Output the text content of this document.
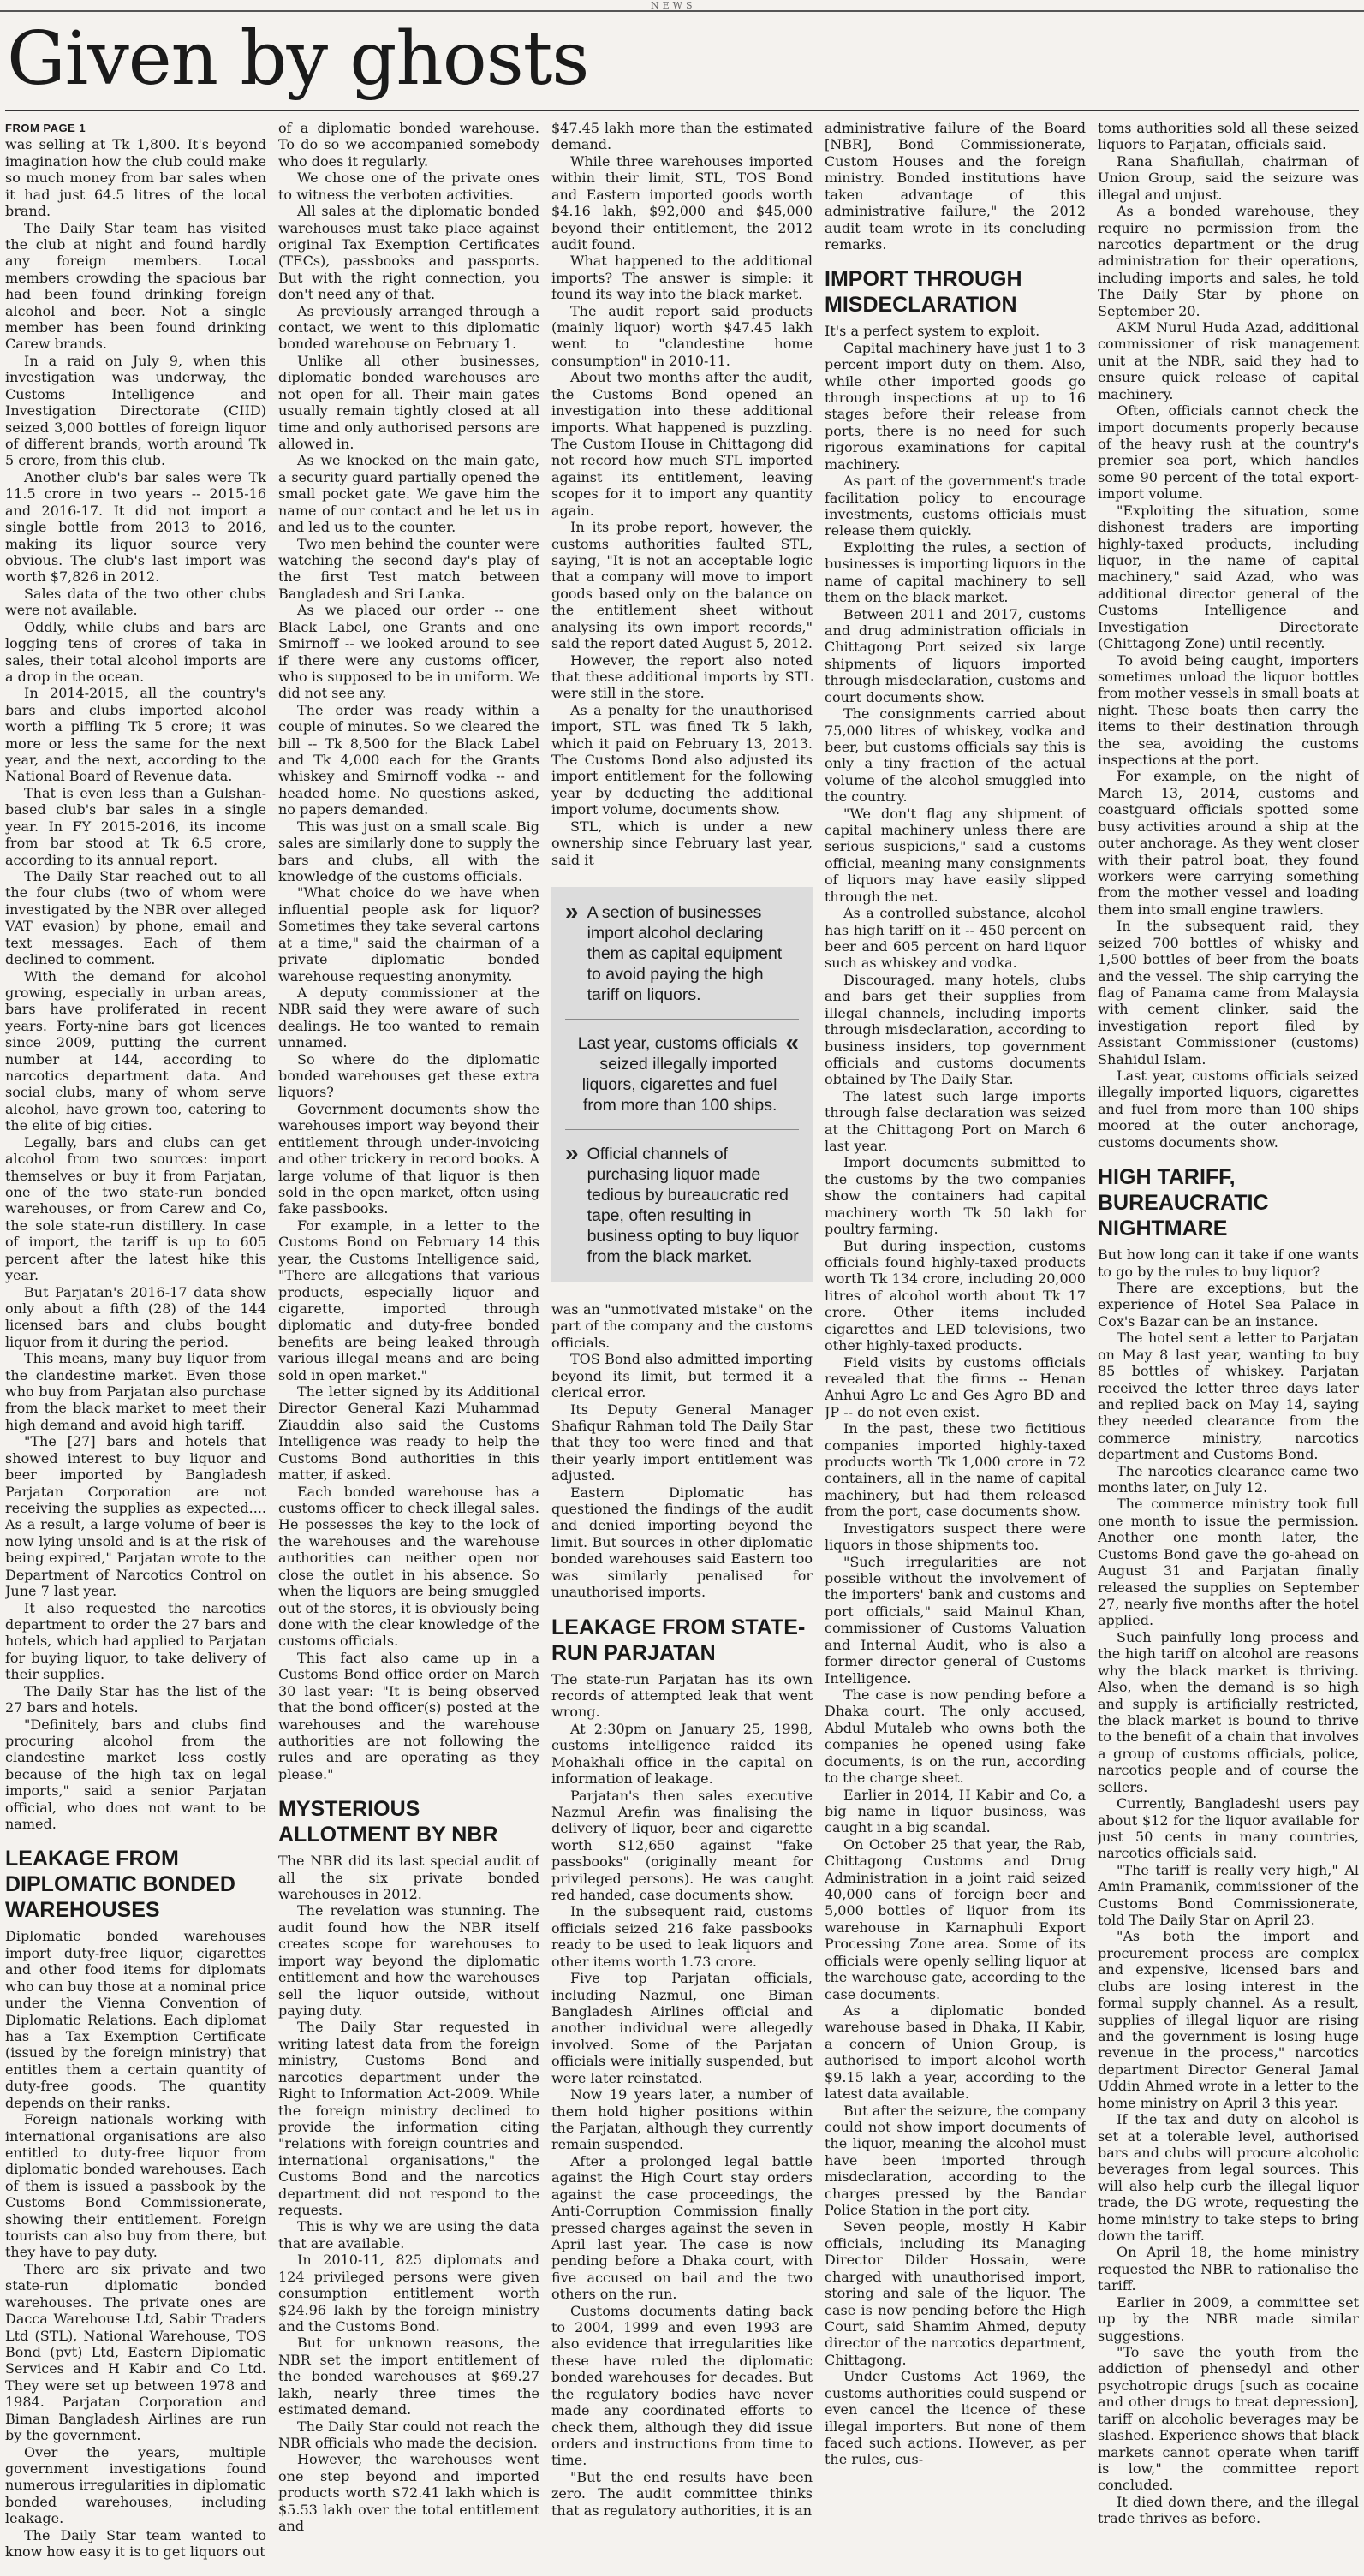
NEWS
Given by ghosts

FROM PAGE 1
was selling at Tk 1,800. It's beyond imagination how the club could make so much money from bar sales when it had just 64.5 litres of the local brand.

The Daily Star team has visited the club at night and found hardly any foreign members. Local members crowding the spacious bar had been found drinking foreign alcohol and beer. Not a single member has been found drinking Carew brands.

In a raid on July 9, when this investigation was underway, the Customs Intelligence and Investigation Directorate (CIID) seized 3,000 bottles of foreign liquor of different brands, worth around Tk 5 crore, from this club.

Another club's bar sales were Tk 11.5 crore in two years -- 2015-16 and 2016-17. It did not import a single bottle from 2013 to 2016, making its liquor source very obvious. The club's last import was worth $7,826 in 2012.

Sales data of the two other clubs were not available.

Oddly, while clubs and bars are logging tens of crores of taka in sales, their total alcohol imports are a drop in the ocean.

In 2014-2015, all the country's bars and clubs imported alcohol worth a piffling Tk 5 crore; it was more or less the same for the next year, and the next, according to the National Board of Revenue data.

That is even less than a Gulshan-based club's bar sales in a single year. In FY 2015-2016, its income from bar stood at Tk 6.5 crore, according to its annual report.

The Daily Star reached out to all the four clubs (two of whom were investigated by the NBR over alleged VAT evasion) by phone, email and text messages. Each of them declined to comment.

With the demand for alcohol growing, especially in urban areas, bars have proliferated in recent years. Forty-nine bars got licences since 2009, putting the current number at 144, according to narcotics department data. And social clubs, many of whom serve alcohol, have grown too, catering to the elite of big cities.

Legally, bars and clubs can get alcohol from two sources: import themselves or buy it from Parjatan, one of the two state-run bonded warehouses, or from Carew and Co, the sole state-run distillery. In case of import, the tariff is up to 605 percent after the latest hike this year.

But Parjatan's 2016-17 data show only about a fifth (28) of the 144 licensed bars and clubs bought liquor from it during the period.

This means, many buy liquor from the clandestine market. Even those who buy from Parjatan also purchase from the black market to meet their high demand and avoid high tariff.

"The [27] bars and hotels that showed interest to buy liquor and beer imported by Bangladesh Parjatan Corporation are not receiving the supplies as expected.... As a result, a large volume of beer is now lying unsold and is at the risk of being expired," Parjatan wrote to the Department of Narcotics Control on June 7 last year.

It also requested the narcotics department to order the 27 bars and hotels, which had applied to Parjatan for buying liquor, to take delivery of their supplies.

The Daily Star has the list of the 27 bars and hotels.

"Definitely, bars and clubs find procuring alcohol from the clandestine market less costly because of the high tax on legal imports," said a senior Parjatan official, who does not want to be named.

LEAKAGE FROM DIPLOMATIC BONDED WAREHOUSES

Diplomatic bonded warehouses import duty-free liquor, cigarettes and other food items for diplomats who can buy those at a nominal price under the Vienna Convention of Diplomatic Relations. Each diplomat has a Tax Exemption Certificate (issued by the foreign ministry) that entitles them a certain quantity of duty-free goods. The quantity depends on their ranks.

Foreign nationals working with international organisations are also entitled to duty-free liquor from diplomatic bonded warehouses. Each of them is issued a passbook by the Customs Bond Commissionerate, showing their entitlement. Foreign tourists can also buy from there, but they have to pay duty.

There are six private and two state-run diplomatic bonded warehouses. The private ones are Dacca Warehouse Ltd, Sabir Traders Ltd (STL), National Warehouse, TOS Bond (pvt) Ltd, Eastern Diplomatic Services and H Kabir and Co Ltd. They were set up between 1978 and 1984. Parjatan Corporation and Biman Bangladesh Airlines are run by the government.

Over the years, multiple government investigations found numerous irregularities in diplomatic bonded warehouses, including leakage.

The Daily Star team wanted to know how easy it is to get liquors out

of a diplomatic bonded warehouse. To do so we accompanied somebody who does it regularly.

We chose one of the private ones to witness the verboten activities.

All sales at the diplomatic bonded warehouses must take place against original Tax Exemption Certificates (TECs), passbooks and passports. But with the right connection, you don't need any of that.

As previously arranged through a contact, we went to this diplomatic bonded warehouse on February 1.

Unlike all other businesses, diplomatic bonded warehouses are not open for all. Their main gates usually remain tightly closed at all time and only authorised persons are allowed in.

As we knocked on the main gate, a security guard partially opened the small pocket gate. We gave him the name of our contact and he let us in and led us to the counter.

Two men behind the counter were watching the second day's play of the first Test match between Bangladesh and Sri Lanka.

As we placed our order -- one Black Label, one Grants and one Smirnoff -- we looked around to see if there were any customs officer, who is supposed to be in uniform. We did not see any.

The order was ready within a couple of minutes. So we cleared the bill -- Tk 8,500 for the Black Label and Tk 4,000 each for the Grants whiskey and Smirnoff vodka -- and headed home. No questions asked, no papers demanded.

This was just on a small scale. Big sales are similarly done to supply the bars and clubs, all with the knowledge of the customs officials.

"What choice do we have when influential people ask for liquor? Sometimes they take several cartons at a time," said the chairman of a private diplomatic bonded warehouse requesting anonymity.

A deputy commissioner at the NBR said they were aware of such dealings. He too wanted to remain unnamed.

So where do the diplomatic bonded warehouses get these extra liquors?

Government documents show the warehouses import way beyond their entitlement through under-invoicing and other trickery in record books. A large volume of that liquor is then sold in the open market, often using fake passbooks.

For example, in a letter to the Customs Bond on February 14 this year, the Customs Intelligence said, "There are allegations that various products, especially liquor and cigarette, imported through diplomatic and duty-free bonded benefits are being leaked through various illegal means and are being sold in open market."

The letter signed by its Additional Director General Kazi Muhammad Ziauddin also said the Customs Intelligence was ready to help the Customs Bond authorities in this matter, if asked.

Each bonded warehouse has a customs officer to check illegal sales. He possesses the key to the lock of the warehouses and the warehouse authorities can neither open nor close the outlet in his absence. So when the liquors are being smuggled out of the stores, it is obviously being done with the clear knowledge of the customs officials.

This fact also came up in a Customs Bond office order on March 30 last year: "It is being observed that the bond officer(s) posted at the warehouses and the warehouse authorities are not following the rules and are operating as they please."

MYSTERIOUS ALLOTMENT BY NBR

The NBR did its last special audit of all the six private bonded warehouses in 2012.

The revelation was stunning. The audit found how the NBR itself creates scope for warehouses to import way beyond the diplomatic entitlement and how the warehouses sell the liquor outside, without paying duty.

The Daily Star requested in writing latest data from the foreign ministry, Customs Bond and narcotics department under the Right to Information Act-2009. While the foreign ministry declined to provide the information citing "relations with foreign countries and international organisations," the Customs Bond and the narcotics department did not respond to the requests.

This is why we are using the data that are available.

In 2010-11, 825 diplomats and 124 privileged persons were given consumption entitlement worth $24.96 lakh by the foreign ministry and the Customs Bond.

But for unknown reasons, the NBR set the import entitlement of the bonded warehouses at $69.27 lakh, nearly three times the estimated demand.

The Daily Star could not reach the NBR officials who made the decision.

However, the warehouses went one step beyond and imported products worth $72.41 lakh which is $5.53 lakh over the total entitlement and

$47.45 lakh more than the estimated demand.

While three warehouses imported within their limit, STL, TOS Bond and Eastern imported goods worth $4.16 lakh, $92,000 and $45,000 beyond their entitlement, the 2012 audit found.

What happened to the additional imports? The answer is simple: it found its way into the black market.

The audit report said products (mainly liquor) worth $47.45 lakh went to "clandestine home consumption" in 2010-11.

About two months after the audit, the Customs Bond opened an investigation into these additional imports. What happened is puzzling. The Custom House in Chittagong did not record how much STL imported against its entitlement, leaving scopes for it to import any quantity again.

In its probe report, however, the customs authorities faulted STL, saying, "It is not an acceptable logic that a company will move to import goods based only on the balance on the entitlement sheet without analysing its own import records," said the report dated August 5, 2012.

However, the report also noted that these additional imports by STL were still in the store.

As a penalty for the unauthorised import, STL was fined Tk 5 lakh, which it paid on February 13, 2013. The Customs Bond also adjusted its import entitlement for the following year by deducting the additional import volume, documents show.

STL, which is under a new ownership since February last year, said it

» A section of businesses import alcohol declaring them as capital equipment to avoid paying the high tariff on liquors.
Last year, customs officials seized illegally imported liquors, cigarettes and fuel from more than 100 ships.
«
» Official channels of purchasing liquor made tedious by bureaucratic red tape, often resulting in business opting to buy liquor from the black market.

was an "unmotivated mistake" on the part of the company and the customs officials.

TOS Bond also admitted importing beyond its limit, but termed it a clerical error.

Its Deputy General Manager Shafiqur Rahman told The Daily Star that they too were fined and that their yearly import entitlement was adjusted.

Eastern Diplomatic has questioned the findings of the audit and denied importing beyond the limit. But sources in other diplomatic bonded warehouses said Eastern too was similarly penalised for unauthorised imports.

LEAKAGE FROM STATE-RUN PARJATAN

The state-run Parjatan has its own records of attempted leak that went wrong.

At 2:30pm on January 25, 1998, customs intelligence raided its Mohakhali office in the capital on information of leakage.

Parjatan's then sales executive Nazmul Arefin was finalising the delivery of liquor, beer and cigarette worth $12,650 against "fake passbooks" (originally meant for privileged persons). He was caught red handed, case documents show.

In the subsequent raid, customs officials seized 216 fake passbooks ready to be used to leak liquors and other items worth 1.73 crore.

Five top Parjatan officials, including Nazmul, one Biman Bangladesh Airlines official and another individual were allegedly involved. Some of the Parjatan officials were initially suspended, but were later reinstated.

Now 19 years later, a number of them hold higher positions within the Parjatan, although they currently remain suspended.

After a prolonged legal battle against the High Court stay orders against the case proceedings, the Anti-Corruption Commission finally pressed charges against the seven in April last year. The case is now pending before a Dhaka court, with five accused on bail and the two others on the run.

Customs documents dating back to 2004, 1999 and even 1993 are also evidence that irregularities like these have ruled the diplomatic bonded warehouses for decades. But the regulatory bodies have never made any coordinated efforts to check them, although they did issue orders and instructions from time to time.

"But the end results have been zero. The audit committee thinks that as regulatory authorities, it is an

administrative failure of the Board [NBR], Bond Commissionerate, Custom Houses and the foreign ministry. Bonded institutions have taken advantage of this administrative failure," the 2012 audit team wrote in its concluding remarks.

IMPORT THROUGH MISDECLARATION

It's a perfect system to exploit.

Capital machinery have just 1 to 3 percent import duty on them. Also, while other imported goods go through inspections at up to 16 stages before their release from ports, there is no need for such rigorous examinations for capital machinery.

As part of the government's trade facilitation policy to encourage investments, customs officials must release them quickly.

Exploiting the rules, a section of businesses is importing liquors in the name of capital machinery to sell them on the black market.

Between 2011 and 2017, customs and drug administration officials in Chittagong Port seized six large shipments of liquors imported through misdeclaration, customs and court documents show.

The consignments carried about 75,000 litres of whiskey, vodka and beer, but customs officials say this is only a tiny fraction of the actual volume of the alcohol smuggled into the country.

"We don't flag any shipment of capital machinery unless there are serious suspicions," said a customs official, meaning many consignments of liquors may have easily slipped through the net.

As a controlled substance, alcohol has high tariff on it -- 450 percent on beer and 605 percent on hard liquor such as whiskey and vodka.

Discouraged, many hotels, clubs and bars get their supplies from illegal channels, including imports through misdeclaration, according to business insiders, top government officials and customs documents obtained by The Daily Star.

The latest such large imports through false declaration was seized at the Chittagong Port on March 6 last year.

Import documents submitted to the customs by the two companies show the containers had capital machinery worth Tk 50 lakh for poultry farming.

But during inspection, customs officials found highly-taxed products worth Tk 134 crore, including 20,000 litres of alcohol worth about Tk 17 crore. Other items included cigarettes and LED televisions, two other highly-taxed products.

Field visits by customs officials revealed that the firms -- Henan Anhui Agro Lc and Ges Agro BD and JP -- do not even exist.

In the past, these two fictitious companies imported highly-taxed products worth Tk 1,000 crore in 72 containers, all in the name of capital machinery, but had them released from the port, case documents show.

Investigators suspect there were liquors in those shipments too.

"Such irregularities are not possible without the involvement of the importers' bank and customs and port officials," said Mainul Khan, commissioner of Customs Valuation and Internal Audit, who is also a former director general of Customs Intelligence.

The case is now pending before a Dhaka court. The only accused, Abdul Mutaleb who owns both the companies he opened using fake documents, is on the run, according to the charge sheet.

Earlier in 2014, H Kabir and Co, a big name in liquor business, was caught in a big scandal.

On October 25 that year, the Rab, Chittagong Customs and Drug Administration in a joint raid seized 40,000 cans of foreign beer and 5,000 bottles of liquor from its warehouse in Karnaphuli Export Processing Zone area. Some of its officials were openly selling liquor at the warehouse gate, according to the case documents.

As a diplomatic bonded warehouse based in Dhaka, H Kabir, a concern of Union Group, is authorised to import alcohol worth $9.15 lakh a year, according to the latest data available.

But after the seizure, the company could not show import documents of the liquor, meaning the alcohol must have been imported through misdeclaration, according to the charges pressed by the Bandar Police Station in the port city.

Seven people, mostly H Kabir officials, including its Managing Director Dilder Hossain, were charged with unauthorised import, storing and sale of the liquor. The case is now pending before the High Court, said Shamim Ahmed, deputy director of the narcotics department, Chittagong.

Under Customs Act 1969, the customs authorities could suspend or even cancel the licence of these illegal importers. But none of them faced such actions. However, as per the rules, cus-

toms authorities sold all these seized liquors to Parjatan, officials said.

Rana Shafiullah, chairman of Union Group, said the seizure was illegal and unjust.

As a bonded warehouse, they require no permission from the narcotics department or the drug administration for their operations, including imports and sales, he told The Daily Star by phone on September 20.

AKM Nurul Huda Azad, additional commissioner of risk management unit at the NBR, said they had to ensure quick release of capital machinery.

Often, officials cannot check the import documents properly because of the heavy rush at the country's premier sea port, which handles some 90 percent of the total export-import volume.

"Exploiting the situation, some dishonest traders are importing highly-taxed products, including liquor, in the name of capital machinery," said Azad, who was additional director general of the Customs Intelligence and Investigation Directorate (Chittagong Zone) until recently.

To avoid being caught, importers sometimes unload the liquor bottles from mother vessels in small boats at night. These boats then carry the items to their destination through the sea, avoiding the customs inspections at the port.

For example, on the night of March 13, 2014, customs and coastguard officials spotted some busy activities around a ship at the outer anchorage. As they went closer with their patrol boat, they found workers were carrying something from the mother vessel and loading them into small engine trawlers.

In the subsequent raid, they seized 700 bottles of whisky and 1,500 bottles of beer from the boats and the vessel. The ship carrying the flag of Panama came from Malaysia with cement clinker, said the investigation report filed by Assistant Commissioner (customs) Shahidul Islam.

Last year, customs officials seized illegally imported liquors, cigarettes and fuel from more than 100 ships moored at the outer anchorage, customs documents show.

HIGH TARIFF, BUREAUCRATIC NIGHTMARE

But how long can it take if one wants to go by the rules to buy liquor?

There are exceptions, but the experience of Hotel Sea Palace in Cox's Bazar can be an instance.

The hotel sent a letter to Parjatan on May 8 last year, wanting to buy 85 bottles of whiskey. Parjatan received the letter three days later and replied back on May 14, saying they needed clearance from the commerce ministry, narcotics department and Customs Bond.

The narcotics clearance came two months later, on July 12.

The commerce ministry took full one month to issue the permission. Another one month later, the Customs Bond gave the go-ahead on August 31 and Parjatan finally released the supplies on September 27, nearly five months after the hotel applied.

Such painfully long process and the high tariff on alcohol are reasons why the black market is thriving. Also, when the demand is so high and supply is artificially restricted, the black market is bound to thrive to the benefit of a chain that involves a group of customs officials, police, narcotics people and of course the sellers.

Currently, Bangladeshi users pay about $12 for the liquor available for just 50 cents in many countries, narcotics officials said.

"The tariff is really very high," Al Amin Pramanik, commissioner of the Customs Bond Commissionerate, told The Daily Star on April 23.

"As both the import and procurement process are complex and expensive, licensed bars and clubs are losing interest in the formal supply channel. As a result, supplies of illegal liquor are rising and the government is losing huge revenue in the process," narcotics department Director General Jamal Uddin Ahmed wrote in a letter to the home ministry on April 3 this year.

If the tax and duty on alcohol is set at a tolerable level, authorised bars and clubs will procure alcoholic beverages from legal sources. This will also help curb the illegal liquor trade, the DG wrote, requesting the home ministry to take steps to bring down the tariff.

On April 18, the home ministry requested the NBR to rationalise the tariff.

Earlier in 2009, a committee set up by the NBR made similar suggestions.

"To save the youth from the addiction of phensedyl and other psychotropic drugs [such as cocaine and other drugs to treat depression], tariff on alcoholic beverages may be slashed. Experience shows that black markets cannot operate when tariff is low," the committee report concluded.

It died down there, and the illegal trade thrives as before.
